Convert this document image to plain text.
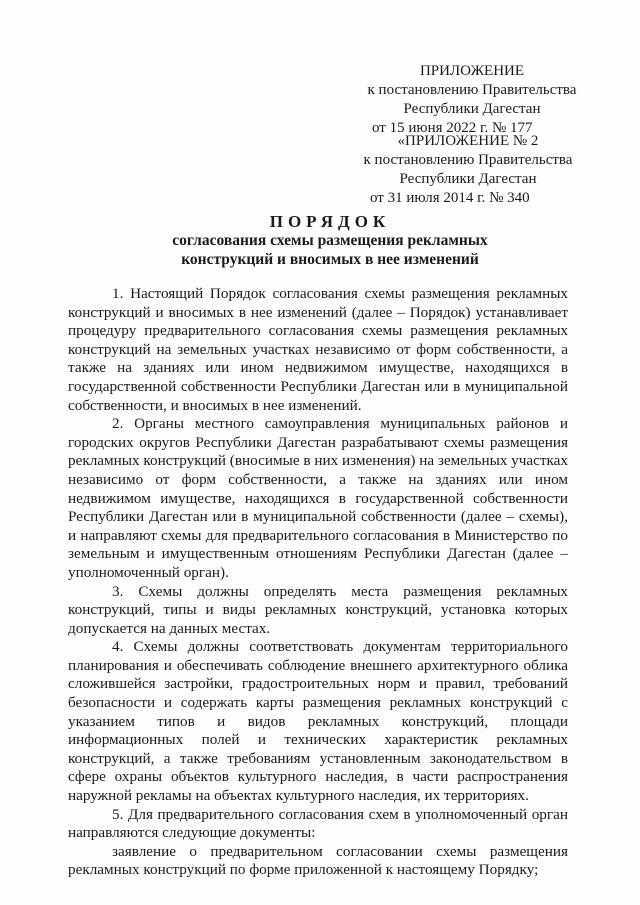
ПРИЛОЖЕНИЕ
к постановлению Правительства
Республики Дагестан
от 15 июня 2022 г. № 177
«ПРИЛОЖЕНИЕ № 2
к постановлению Правительства
Республики Дагестан
от 31 июля 2014 г. № 340
ПОРЯДОК
согласования схемы размещения рекламных
конструкций и вносимых в нее изменений

1. Настоящий Порядок согласования схемы размещения рекламных конструкций и вносимых в нее изменений (далее – Порядок) устанавливает процедуру предварительного согласования схемы размещения рекламных конструкций на земельных участках независимо от форм собственности, а также на зданиях или ином недвижимом имуществе, находящихся в государственной собственности Республики Дагестан или в муниципальной собственности, и вносимых в нее изменений.

2. Органы местного самоуправления муниципальных районов и городских округов Республики Дагестан разрабатывают схемы размещения рекламных конструкций (вносимые в них изменения) на земельных участках независимо от форм собственности, а также на зданиях или ином недвижимом имуществе, находящихся в государственной собственности Республики Дагестан или в муниципальной собственности (далее – схемы), и направляют схемы для предварительного согласования в Министерство по земельным и имущественным отношениям Республики Дагестан (далее – уполномоченный орган).

3. Схемы должны определять места размещения рекламных конструкций, типы и виды рекламных конструкций, установка которых допускается на данных местах.

4. Схемы должны соответствовать документам территориального планирования и обеспечивать соблюдение внешнего архитектурного облика сложившейся застройки, градостроительных норм и правил, требований безопасности и содержать карты размещения рекламных конструкций с указанием типов и видов рекламных конструкций, площади информационных полей и технических характеристик рекламных конструкций, а также требованиям установленным законодательством в сфере охраны объектов культурного наследия, в части распространения наружной рекламы на объектах культурного наследия, их территориях.

5. Для предварительного согласования схем в уполномоченный орган направляются следующие документы:

заявление о предварительном согласовании схемы размещения рекламных конструкций по форме приложенной к настоящему Порядку;
